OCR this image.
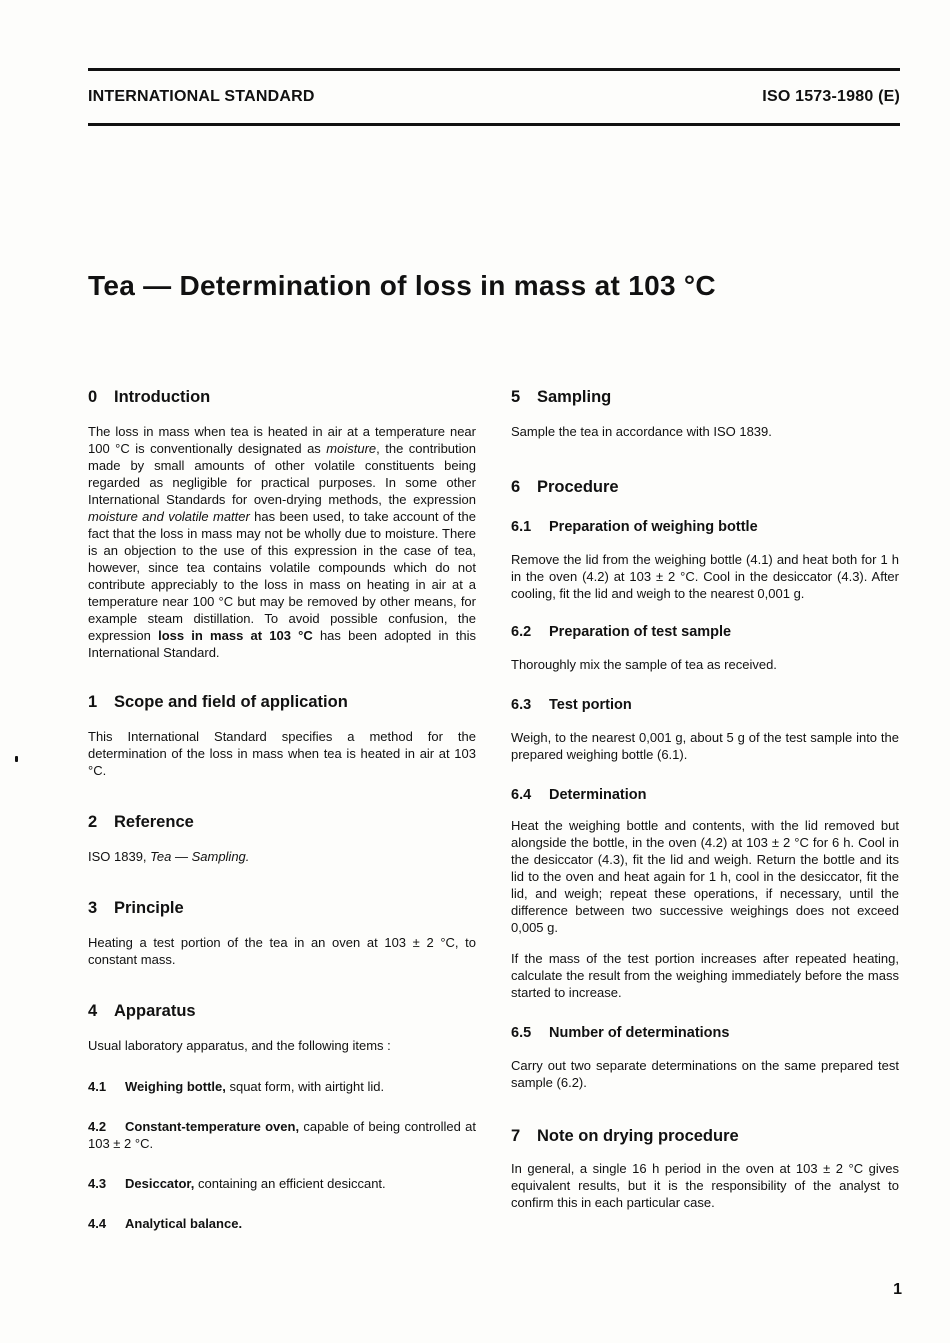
INTERNATIONAL STANDARD	ISO 1573-1980 (E)
Tea — Determination of loss in mass at 103 °C
0	Introduction

The loss in mass when tea is heated in air at a temperature near 100 °C is conventionally designated as moisture, the contribution made by small amounts of other volatile constituents being regarded as negligible for practical purposes. In some other International Standards for oven-drying methods, the expression moisture and volatile matter has been used, to take account of the fact that the loss in mass may not be wholly due to moisture. There is an objection to the use of this expression in the case of tea, however, since tea contains volatile compounds which do not contribute appreciably to the loss in mass on heating in air at a temperature near 100 °C but may be removed by other means, for example steam distillation. To avoid possible confusion, the expression loss in mass at 103 °C has been adopted in this International Standard.

1	Scope and field of application

This International Standard specifies a method for the determination of the loss in mass when tea is heated in air at 103 °C.

2	Reference

ISO 1839, Tea — Sampling.

3	Principle

Heating a test portion of the tea in an oven at 103 ± 2 °C, to constant mass.

4	Apparatus

Usual laboratory apparatus, and the following items :

4.1 Weighing bottle, squat form, with airtight lid.

4.2 Constant-temperature oven, capable of being controlled at 103 ± 2 °C.

4.3 Desiccator, containing an efficient desiccant.

4.4 Analytical balance.

5	Sampling

Sample the tea in accordance with ISO 1839.

6	Procedure
6.1	Preparation of weighing bottle

Remove the lid from the weighing bottle (4.1) and heat both for 1 h in the oven (4.2) at 103 ± 2 °C. Cool in the desiccator (4.3). After cooling, fit the lid and weigh to the nearest 0,001 g.

6.2	Preparation of test sample

Thoroughly mix the sample of tea as received.

6.3	Test portion

Weigh, to the nearest 0,001 g, about 5 g of the test sample into the prepared weighing bottle (6.1).

6.4	Determination

Heat the weighing bottle and contents, with the lid removed but alongside the bottle, in the oven (4.2) at 103 ± 2 °C for 6 h. Cool in the desiccator (4.3), fit the lid and weigh. Return the bottle and its lid to the oven and heat again for 1 h, cool in the desiccator, fit the lid, and weigh; repeat these operations, if necessary, until the difference between two successive weighings does not exceed 0,005 g.

If the mass of the test portion increases after repeated heating, calculate the result from the weighing immediately before the mass started to increase.

6.5	Number of determinations

Carry out two separate determinations on the same prepared test sample (6.2).

7	Note on drying procedure

In general, a single 16 h period in the oven at 103 ± 2 °C gives equivalent results, but it is the responsibility of the analyst to confirm this in each particular case.

1
